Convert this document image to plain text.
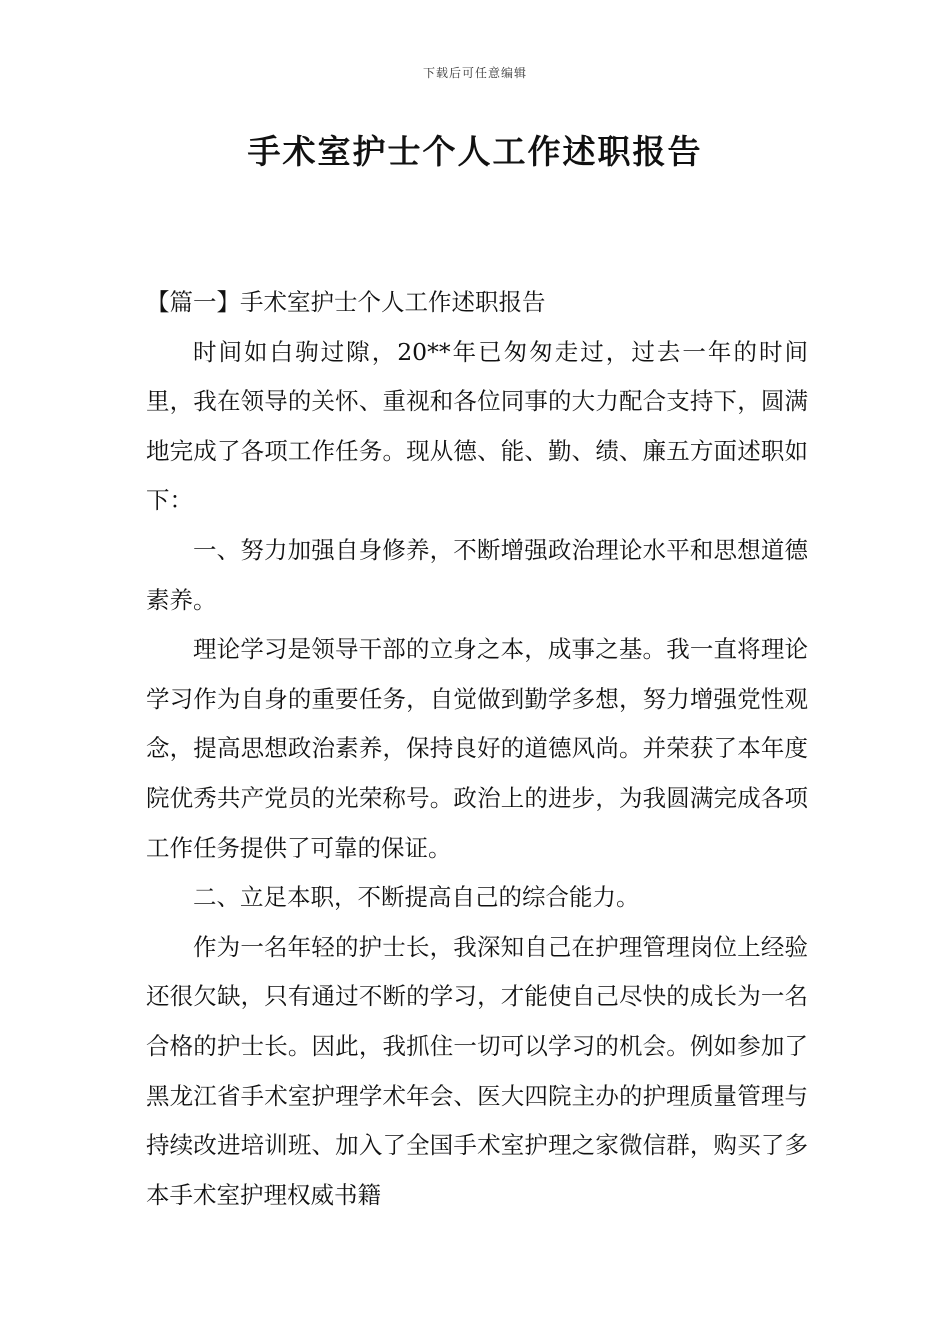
下载后可任意编辑
手术室护士个人工作述职报告

【篇一】手术室护士个人工作述职报告

时间如白驹过隙，20**年已匆匆走过，过去一年的时间里，我在领导的关怀、重视和各位同事的大力配合支持下，圆满地完成了各项工作任务。现从德、能、勤、绩、廉五方面述职如下：

一、努力加强自身修养，不断增强政治理论水平和思想道德素养。

理论学习是领导干部的立身之本，成事之基。我一直将理论学习作为自身的重要任务，自觉做到勤学多想，努力增强党性观念，提高思想政治素养，保持良好的道德风尚。并荣获了本年度院优秀共产党员的光荣称号。政治上的进步，为我圆满完成各项工作任务提供了可靠的保证。

二、立足本职，不断提高自己的综合能力。

作为一名年轻的护士长，我深知自己在护理管理岗位上经验还很欠缺，只有通过不断的学习，才能使自己尽快的成长为一名合格的护士长。因此，我抓住一切可以学习的机会。例如参加了黑龙江省手术室护理学术年会、医大四院主办的护理质量管理与持续改进培训班、加入了全国手术室护理之家微信群，购买了多本手术室护理权威书籍
